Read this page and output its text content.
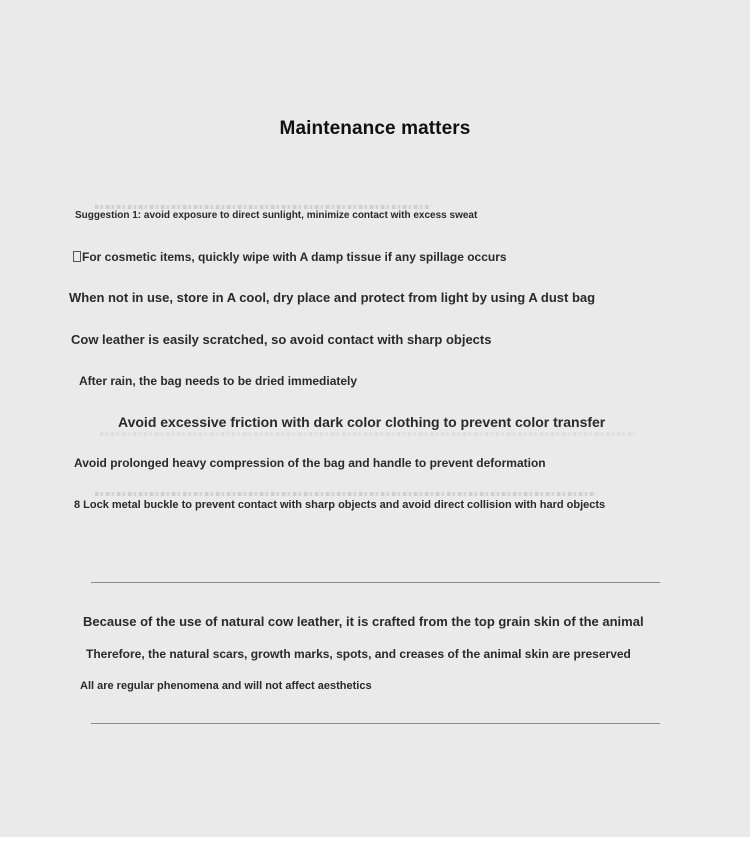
Maintenance matters
Suggestion 1: avoid exposure to direct sunlight, minimize contact with excess sweat
For cosmetic items, quickly wipe with A damp tissue if any spillage occurs
When not in use, store in A cool, dry place and protect from light by using A dust bag
Cow leather is easily scratched, so avoid contact with sharp objects
After rain, the bag needs to be dried immediately
Avoid excessive friction with dark color clothing to prevent color transfer
Avoid prolonged heavy compression of the bag and handle to prevent deformation
8 Lock metal buckle to prevent contact with sharp objects and avoid direct collision with hard objects
Because of the use of natural cow leather, it is crafted from the top grain skin of the animal
Therefore, the natural scars, growth marks, spots, and creases of the animal skin are preserved
All are regular phenomena and will not affect aesthetics
